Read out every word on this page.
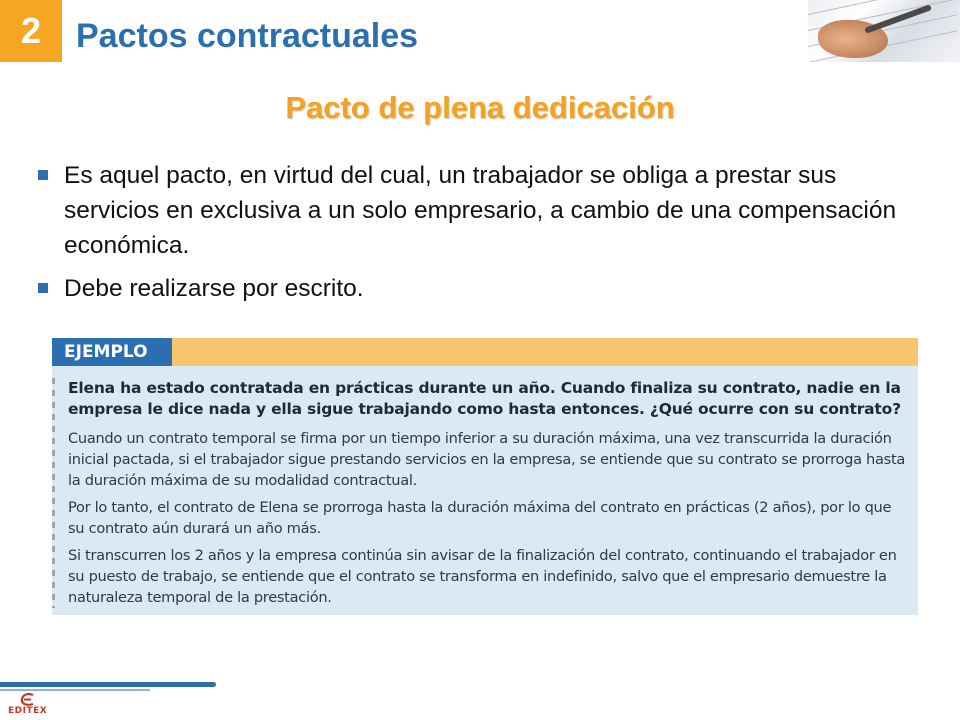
2 Pactos contractuales
Pacto de plena dedicación
Es aquel pacto, en virtud del cual, un trabajador se obliga a prestar sus servicios en exclusiva a un solo empresario, a cambio de una compensación económica.
Debe realizarse por escrito.
EJEMPLO

Elena ha estado contratada en prácticas durante un año. Cuando finaliza su contrato, nadie en la empresa le dice nada y ella sigue trabajando como hasta entonces. ¿Qué ocurre con su contrato?

Cuando un contrato temporal se firma por un tiempo inferior a su duración máxima, una vez transcurrida la duración inicial pactada, si el trabajador sigue prestando servicios en la empresa, se entiende que su contrato se prorroga hasta la duración máxima de su modalidad contractual.

Por lo tanto, el contrato de Elena se prorroga hasta la duración máxima del contrato en prácticas (2 años), por lo que su contrato aún durará un año más.

Si transcurren los 2 años y la empresa continúa sin avisar de la finalización del contrato, continuando el trabajador en su puesto de trabajo, se entiende que el contrato se transforma en indefinido, salvo que el empresario demuestre la naturaleza temporal de la prestación.

EDITEX
